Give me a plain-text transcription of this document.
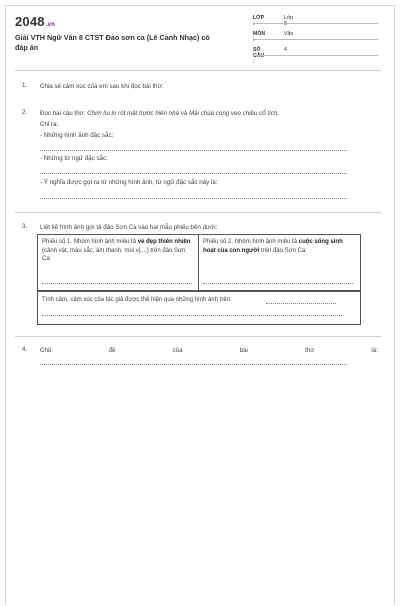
2048.vn
Giải VTH Ngữ Văn 8 CTST Đảo sơn ca (Lê Cảnh Nhạc) có
đáp án
LỚP :
Lớp 8
MÔN :
Văn
SỐ CÂU :
4
1. Chia sẻ cảm xúc của em sau khi đọc bài thơ:
2. Đọc hai câu thơ: Chim líu lo rót mật trước hiên nhà và Mái chùa cong veo chiều cổ tích.
Chỉ ra:
- Những hình ảnh đặc sắc:
- Những từ ngữ đặc sắc:
- Ý nghĩa được gợi ra từ những hình ảnh, từ ngữ đặc sắc này là:
3. Liệt kê hình ảnh gợi tả đảo Sơn Ca vào hai mẫu phiếu bên dưới:
Phiếu số 1. Nhóm hình ảnh miêu tả vẻ đẹp thiên nhiên (cảnh vật, màu sắc, âm thanh, mùi vị,...) trên đảo Sơn Ca:
Phiếu số 2. Nhóm hình ảnh miêu tả cuộc sống sinh hoạt của con người trên đảo Sơn Ca:
Tình cảm, cảm xúc của tác giả được thể hiện qua những hình ảnh trên:
4. Chủ	đề	của	bài	thơ	là:
